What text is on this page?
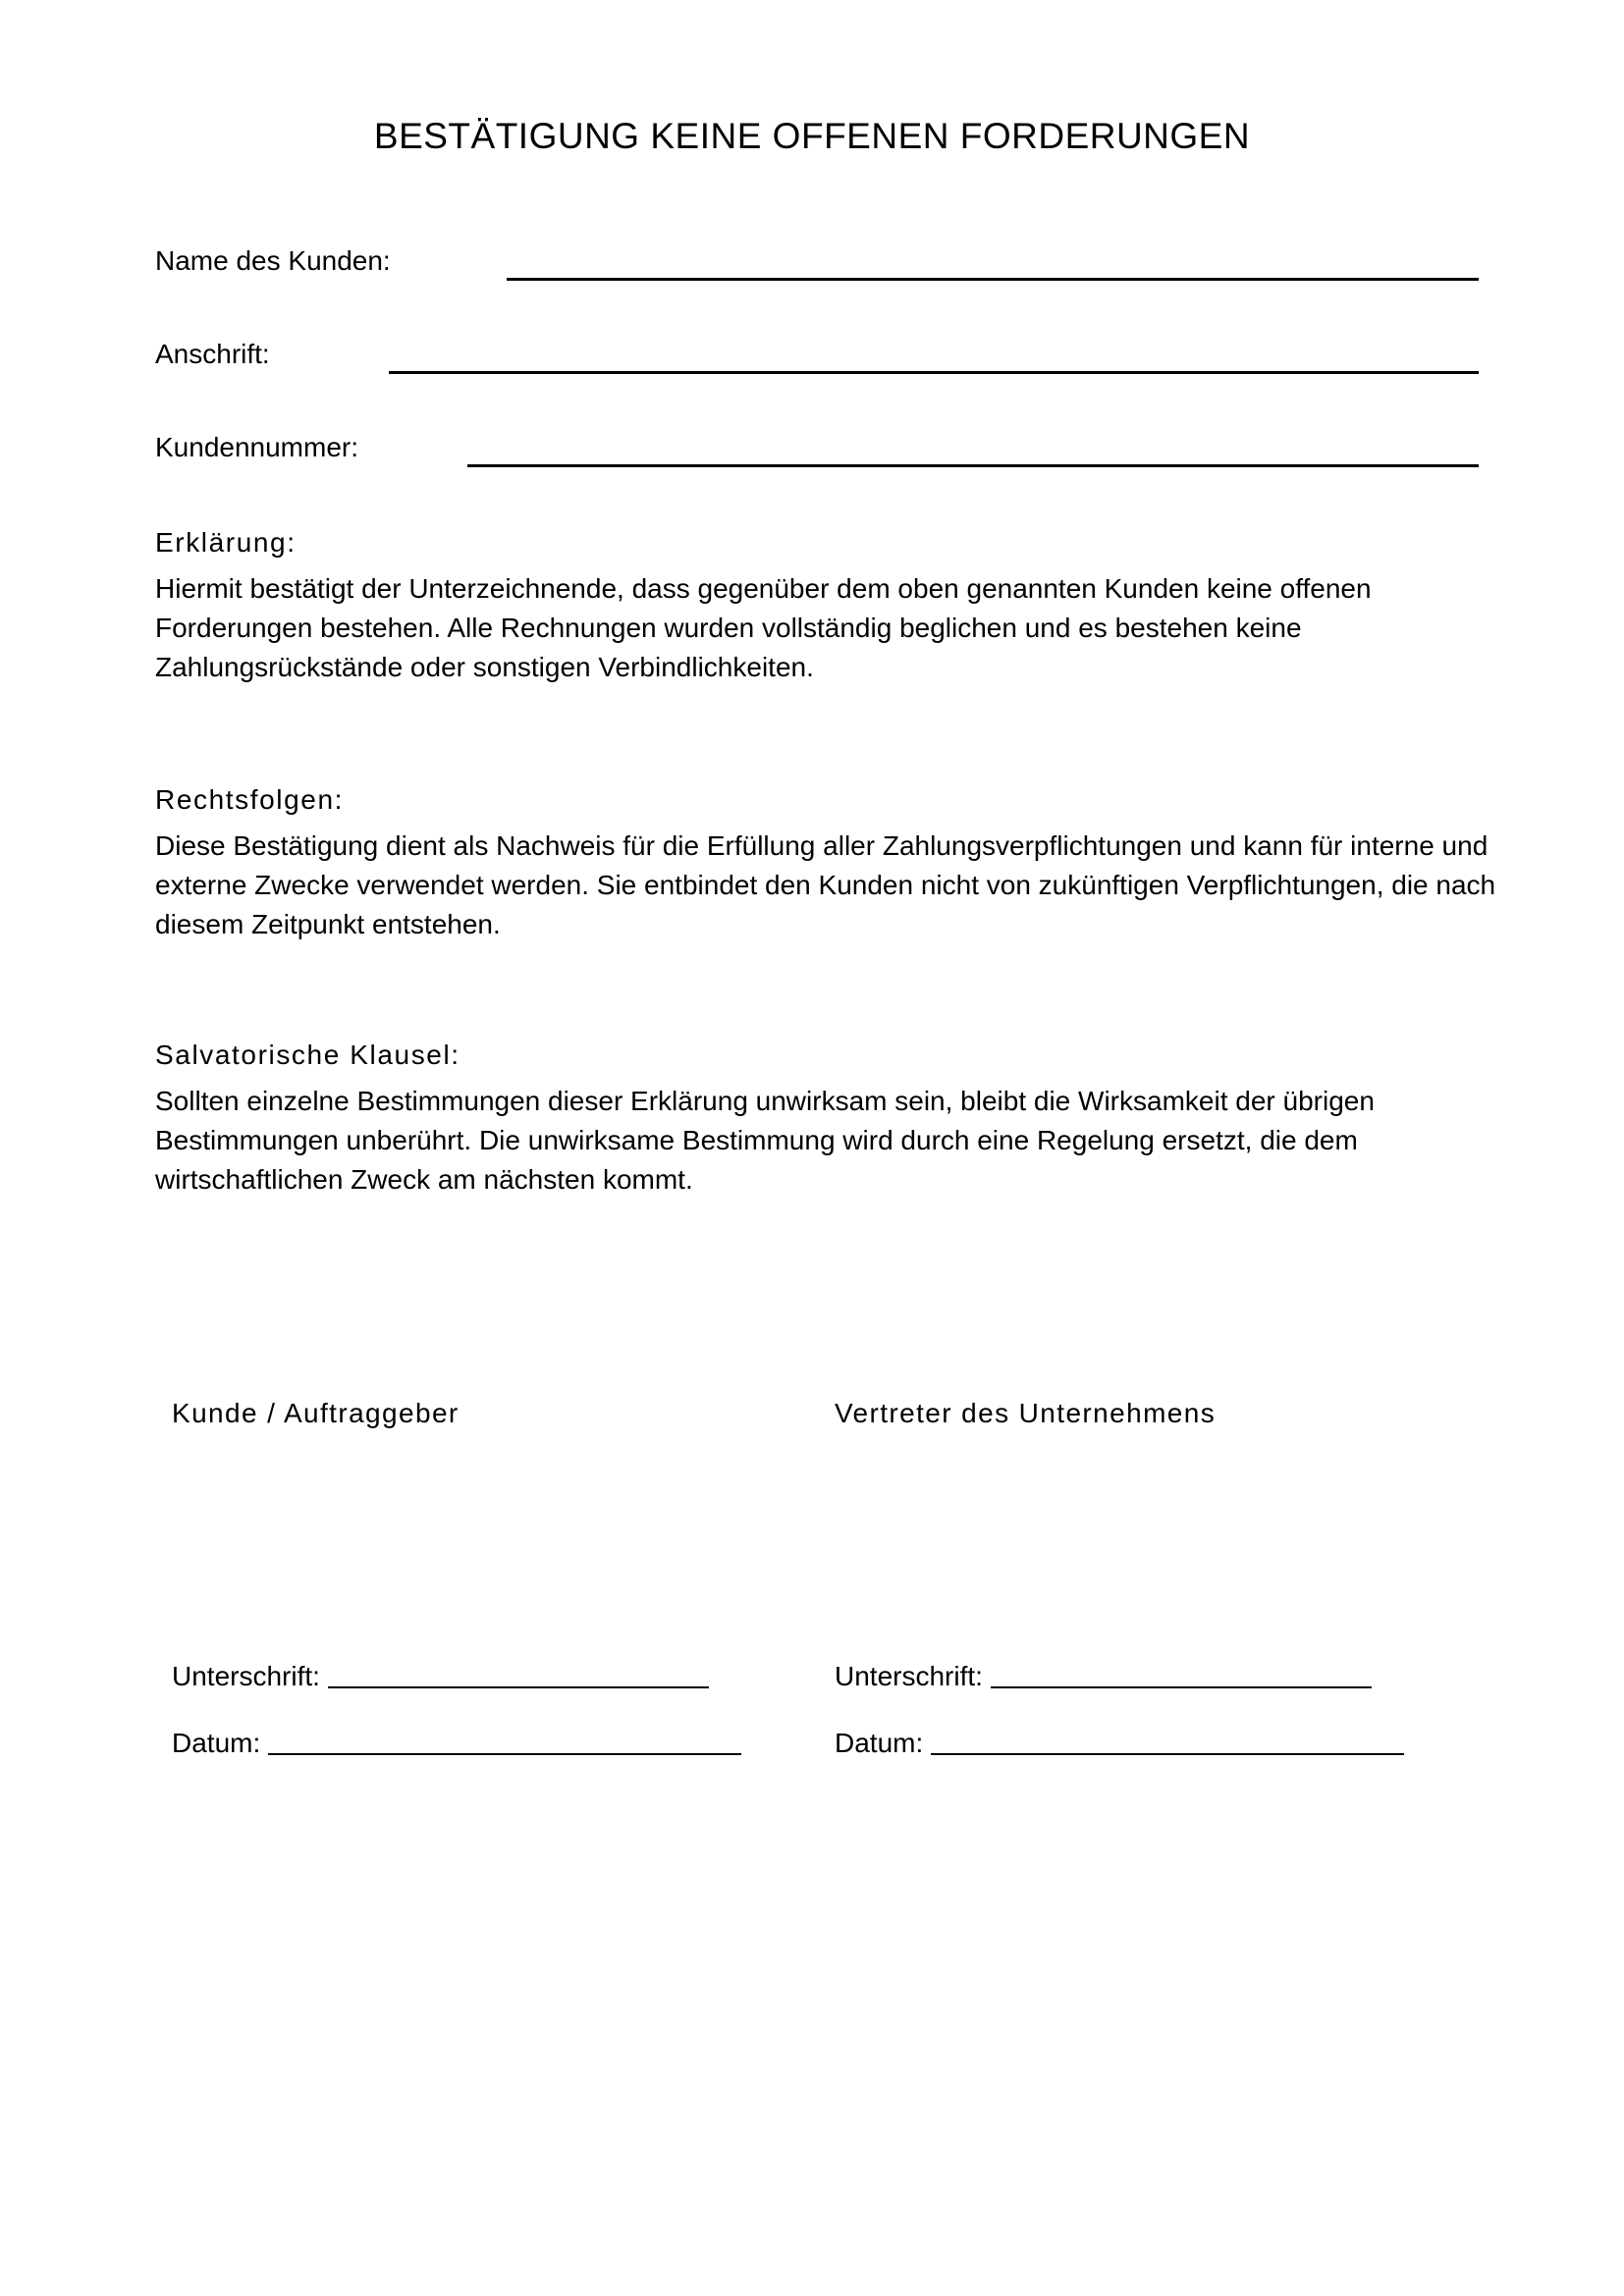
BESTÄTIGUNG KEINE OFFENEN FORDERUNGEN
Name des Kunden:
Anschrift:
Kundennummer:
Erklärung:

Hiermit bestätigt der Unterzeichnende, dass gegenüber dem oben genannten Kunden keine offenen Forderungen bestehen. Alle Rechnungen wurden vollständig beglichen und es bestehen keine Zahlungsrückstände oder sonstigen Verbindlichkeiten.

Rechtsfolgen:

Diese Bestätigung dient als Nachweis für die Erfüllung aller Zahlungsverpflichtungen und kann für interne und externe Zwecke verwendet werden. Sie entbindet den Kunden nicht von zukünftigen Verpflichtungen, die nach diesem Zeitpunkt entstehen.

Salvatorische Klausel:

Sollten einzelne Bestimmungen dieser Erklärung unwirksam sein, bleibt die Wirksamkeit der übrigen Bestimmungen unberührt. Die unwirksame Bestimmung wird durch eine Regelung ersetzt, die dem wirtschaftlichen Zweck am nächsten kommt.

Kunde / Auftraggeber	Vertreter des Unternehmens
Unterschrift:
Datum:
Unterschrift:
Datum:
